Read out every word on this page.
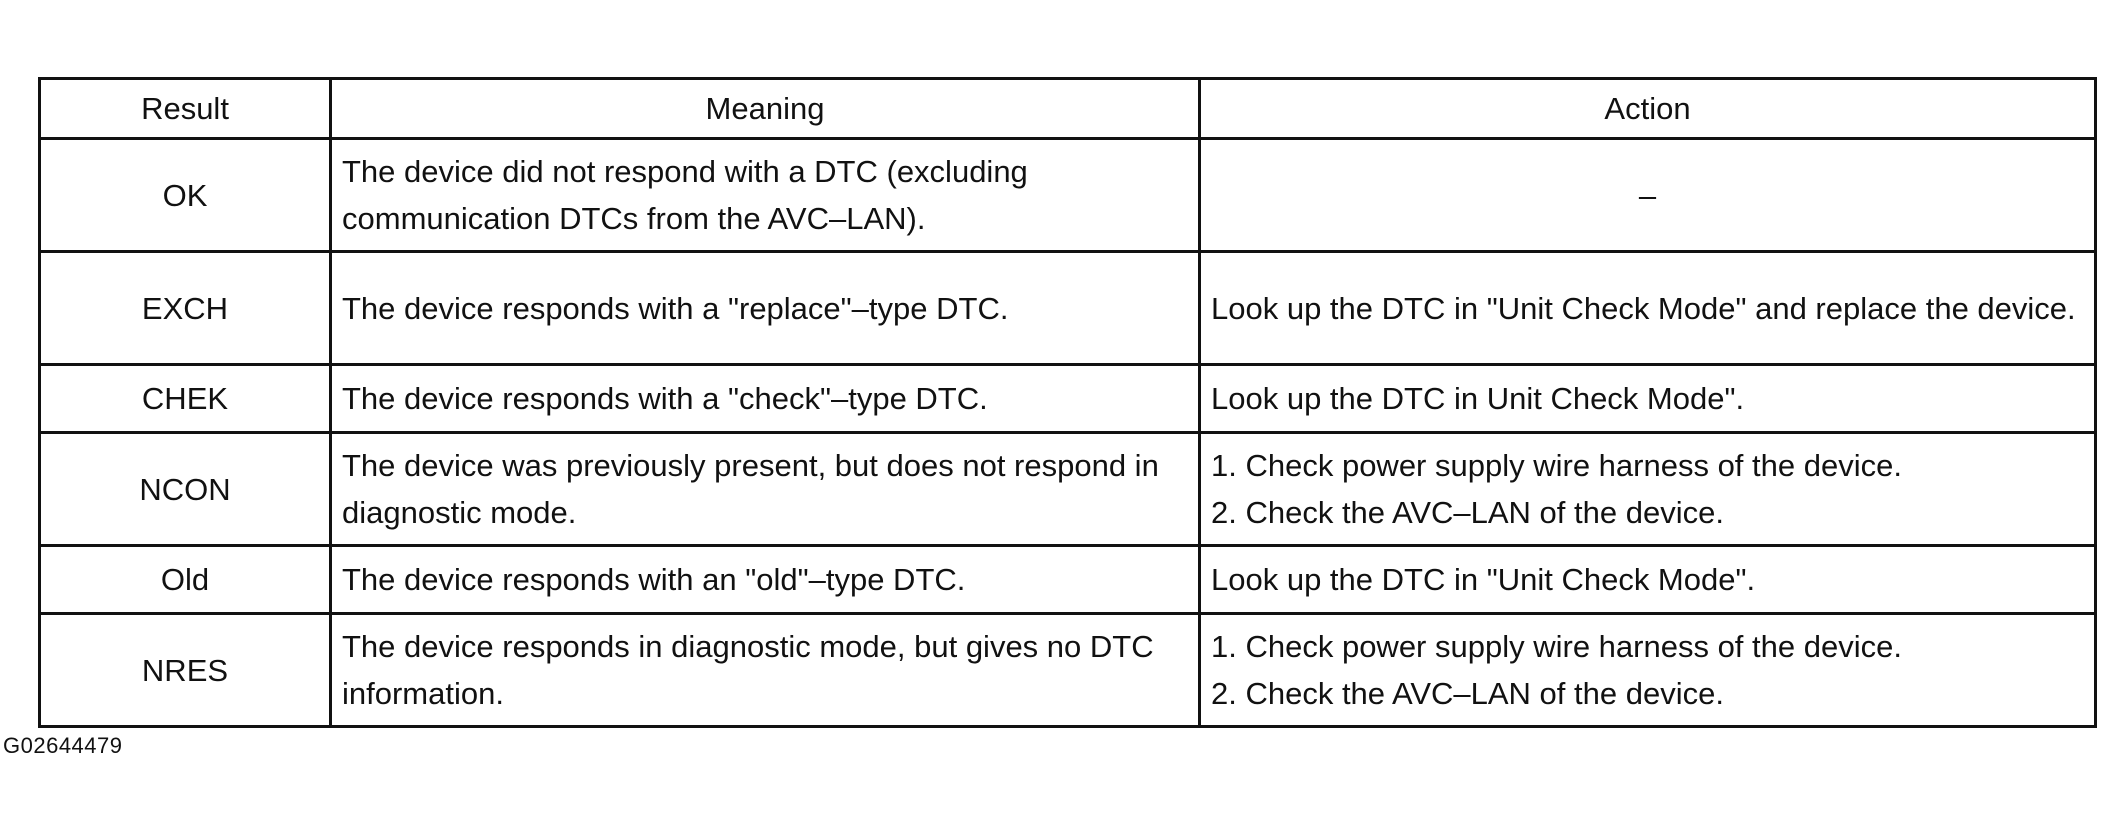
Result	Meaning	Action
OK	The device did not respond with a DTC (excluding communication DTCs from the AVC–LAN).	–
EXCH	The device responds with a "replace"–type DTC.	Look up the DTC in "Unit Check Mode" and replace the device.
CHEK	The device responds with a "check"–type DTC.	Look up the DTC in Unit Check Mode".
NCON	The device was previously present, but does not respond in diagnostic mode.	1. Check power supply wire harness of the device.
2. Check the AVC–LAN of the device.

Old	The device responds with an "old"–type DTC.	Look up the DTC in "Unit Check Mode".
NRES	The device responds in diagnostic mode, but gives no DTC information.	1. Check power supply wire harness of the device.
2. Check the AVC–LAN of the device.
G02644479
